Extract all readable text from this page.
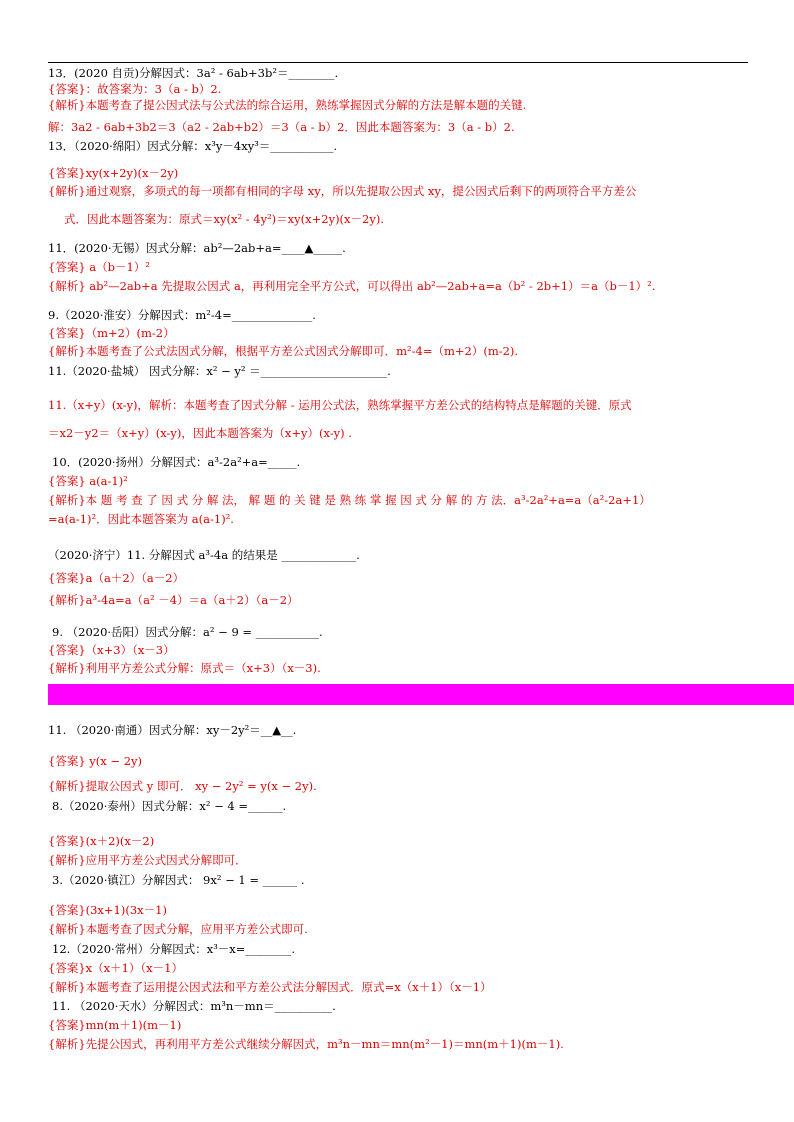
13．(2020 自贡)分解因式：3a² - 6ab+3b²＝________.
{答案}：故答案为：3（a - b）2.
{解析}本题考查了提公因式法与公式法的综合运用，熟练掌握因式分解的方法是解本题的关键.
解：3a2 - 6ab+3b2＝3（a2 - 2ab+b2）＝3（a - b）2．因此本题答案为：3（a - b）2.
13．（2020·绵阳）因式分解：x³y－4xy³＝___________.
{答案}xy(x+2y)(x－2y)
{解析}通过观察，多项式的每一项都有相同的字母 xy，所以先提取公因式 xy，提公因式后剩下的两项符合平方差公
式．因此本题答案为：原式＝xy(x² - 4y²)＝xy(x+2y)(x－2y).
11．(2020·无锡）因式分解：ab²—2ab+a=____▲_____.
{答案} a（b－1）²
{解析} ab²—2ab+a 先提取公因式 a，再利用完全平方公式，可以得出 ab²—2ab+a=a（b² - 2b+1）＝a（b－1）².
9.（2020·淮安）分解因式：m²-4=______________.
{答案}（m+2）(m-2）
{解析}本题考查了公式法因式分解，根据平方差公式因式分解即可．m²-4=（m+2）(m-2).
11.（2020·盐城） 因式分解：x² − y² ＝______________________.
11.（x+y）(x-y)，解析：本题考查了因式分解 - 运用公式法，熟练掌握平方差公式的结构特点是解题的关键．原式
＝x2－y2＝（x+y）(x-y)，因此本题答案为（x+y）(x-y) .
10．(2020·扬州）分解因式：a³-2a²+a=_____.
{答案} a(a-1)²
{解析}本 题 考 查 了 因 式 分 解 法， 解 题 的 关 键 是 熟 练 掌 握 因 式 分 解 的 方 法．a³-2a²+a=a（a²-2a+1）
=a(a-1)²．因此本题答案为 a(a-1)².
（2020·济宁）11. 分解因式 a³-4a 的结果是 _____________.
{答案}a（a＋2）（a－2）
{解析}a³-4a=a（a² －4）＝a（a＋2）（a－2）
9. （2020·岳阳）因式分解：a² − 9 = ___________.
{答案}（x+3）（x－3）
{解析}利用平方差公式分解：原式＝（x+3）（x－3).
11. （2020·南通）因式分解：xy－2y²＝__▲__.
{答案} y(x − 2y)
{解析}提取公因式 y 即可． xy − 2y² = y(x − 2y).
8.（2020·泰州）因式分解：x² − 4 =______.
{答案}(x＋2)(x－2)
{解析}应用平方差公式因式分解即可．
3.（2020·镇江）分解因式： 9x² − 1 = ______ .
{答案}(3x+1)(3x－1)
{解析}本题考查了因式分解，应用平方差公式即可.
12.（2020·常州）分解因式：x³－x=________.
{答案}x（x＋1）（x－1）
{解析}本题考查了运用提公因式法和平方差公式法分解因式．原式=x（x＋1）（x－1）
11. （2020·天水）分解因式：m³n－mn＝__________.
{答案}mn(m＋1)(m－1)
{解析}先提公因式，再利用平方差公式继续分解因式，m³n－mn＝mn(m²－1)＝mn(m＋1)(m－1).
